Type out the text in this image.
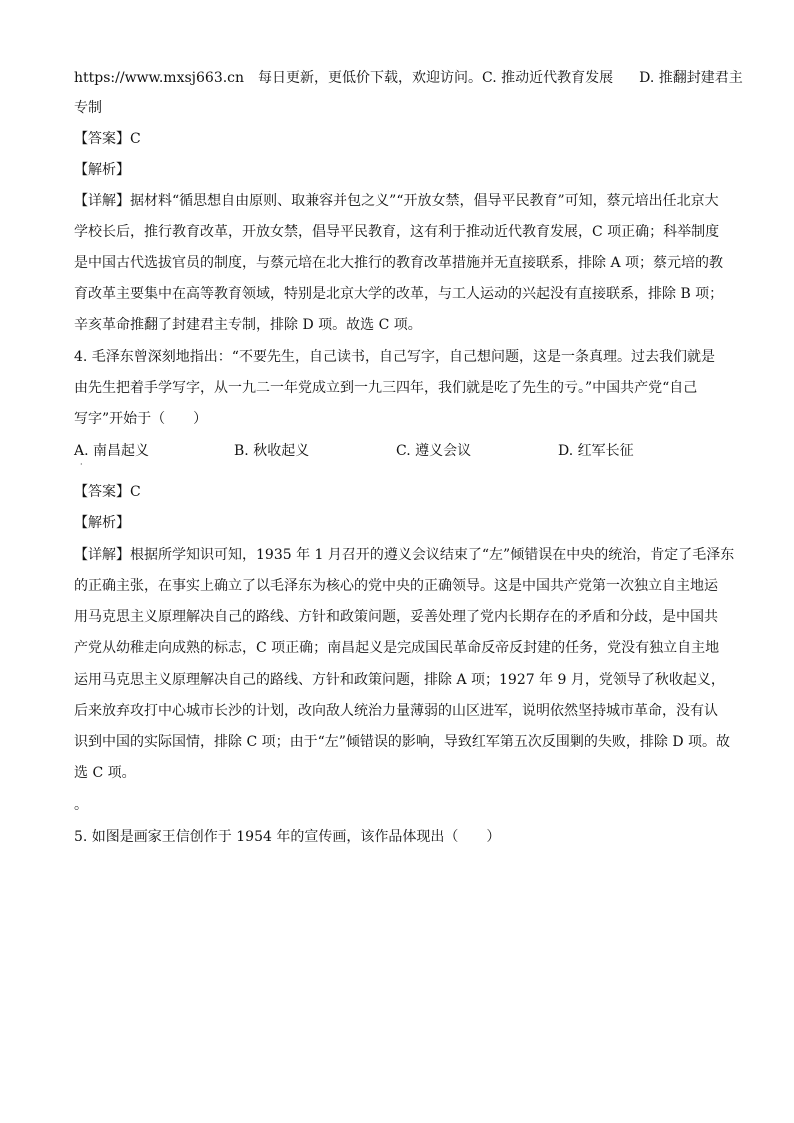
https://www.mxsj663.cn 每日更新，更低价下载，欢迎访问。C. 推动近代教育发展 D. 推翻封建君主
专制
【答案】C
【解析】
【详解】据材料“循思想自由原则、取兼容并包之义”“开放女禁，倡导平民教育”可知，蔡元培出任北京大
学校长后，推行教育改革，开放女禁，倡导平民教育，这有利于推动近代教育发展，C 项正确；科举制度
是中国古代选拔官员的制度，与蔡元培在北大推行的教育改革措施并无直接联系，排除 A 项；蔡元培的教
育改革主要集中在高等教育领域，特别是北京大学的改革，与工人运动的兴起没有直接联系，排除 B 项；
辛亥革命推翻了封建君主专制，排除 D 项。故选 C 项。
4. 毛泽东曾深刻地指出：“不要先生，自己读书，自己写字，自己想问题，这是一条真理。过去我们就是
由先生把着手学写字，从一九二一年党成立到一九三四年，我们就是吃了先生的亏。”中国共产党“自己
写字”开始于（　　）
A. 南昌起义	B. 秋收起义	C. 遵义会议	D. 红军长征
·
【答案】C
【解析】
【详解】根据所学知识可知，1935 年 1 月召开的遵义会议结束了“左”倾错误在中央的统治，肯定了毛泽东
的正确主张，在事实上确立了以毛泽东为核心的党中央的正确领导。这是中国共产党第一次独立自主地运
用马克思主义原理解决自己的路线、方针和政策问题，妥善处理了党内长期存在的矛盾和分歧，是中国共
产党从幼稚走向成熟的标志，C 项正确；南昌起义是完成国民革命反帝反封建的任务，党没有独立自主地
运用马克思主义原理解决自己的路线、方针和政策问题，排除 A 项；1927 年 9 月，党领导了秋收起义，
后来放弃攻打中心城市长沙的计划，改向敌人统治力量薄弱的山区进军，说明依然坚持城市革命，没有认
识到中国的实际国情，排除 C 项；由于“左”倾错误的影响，导致红军第五次反围剿的失败，排除 D 项。故
选 C 项。
。
5. 如图是画家王信创作于 1954 年的宣传画，该作品体现出（　　）
